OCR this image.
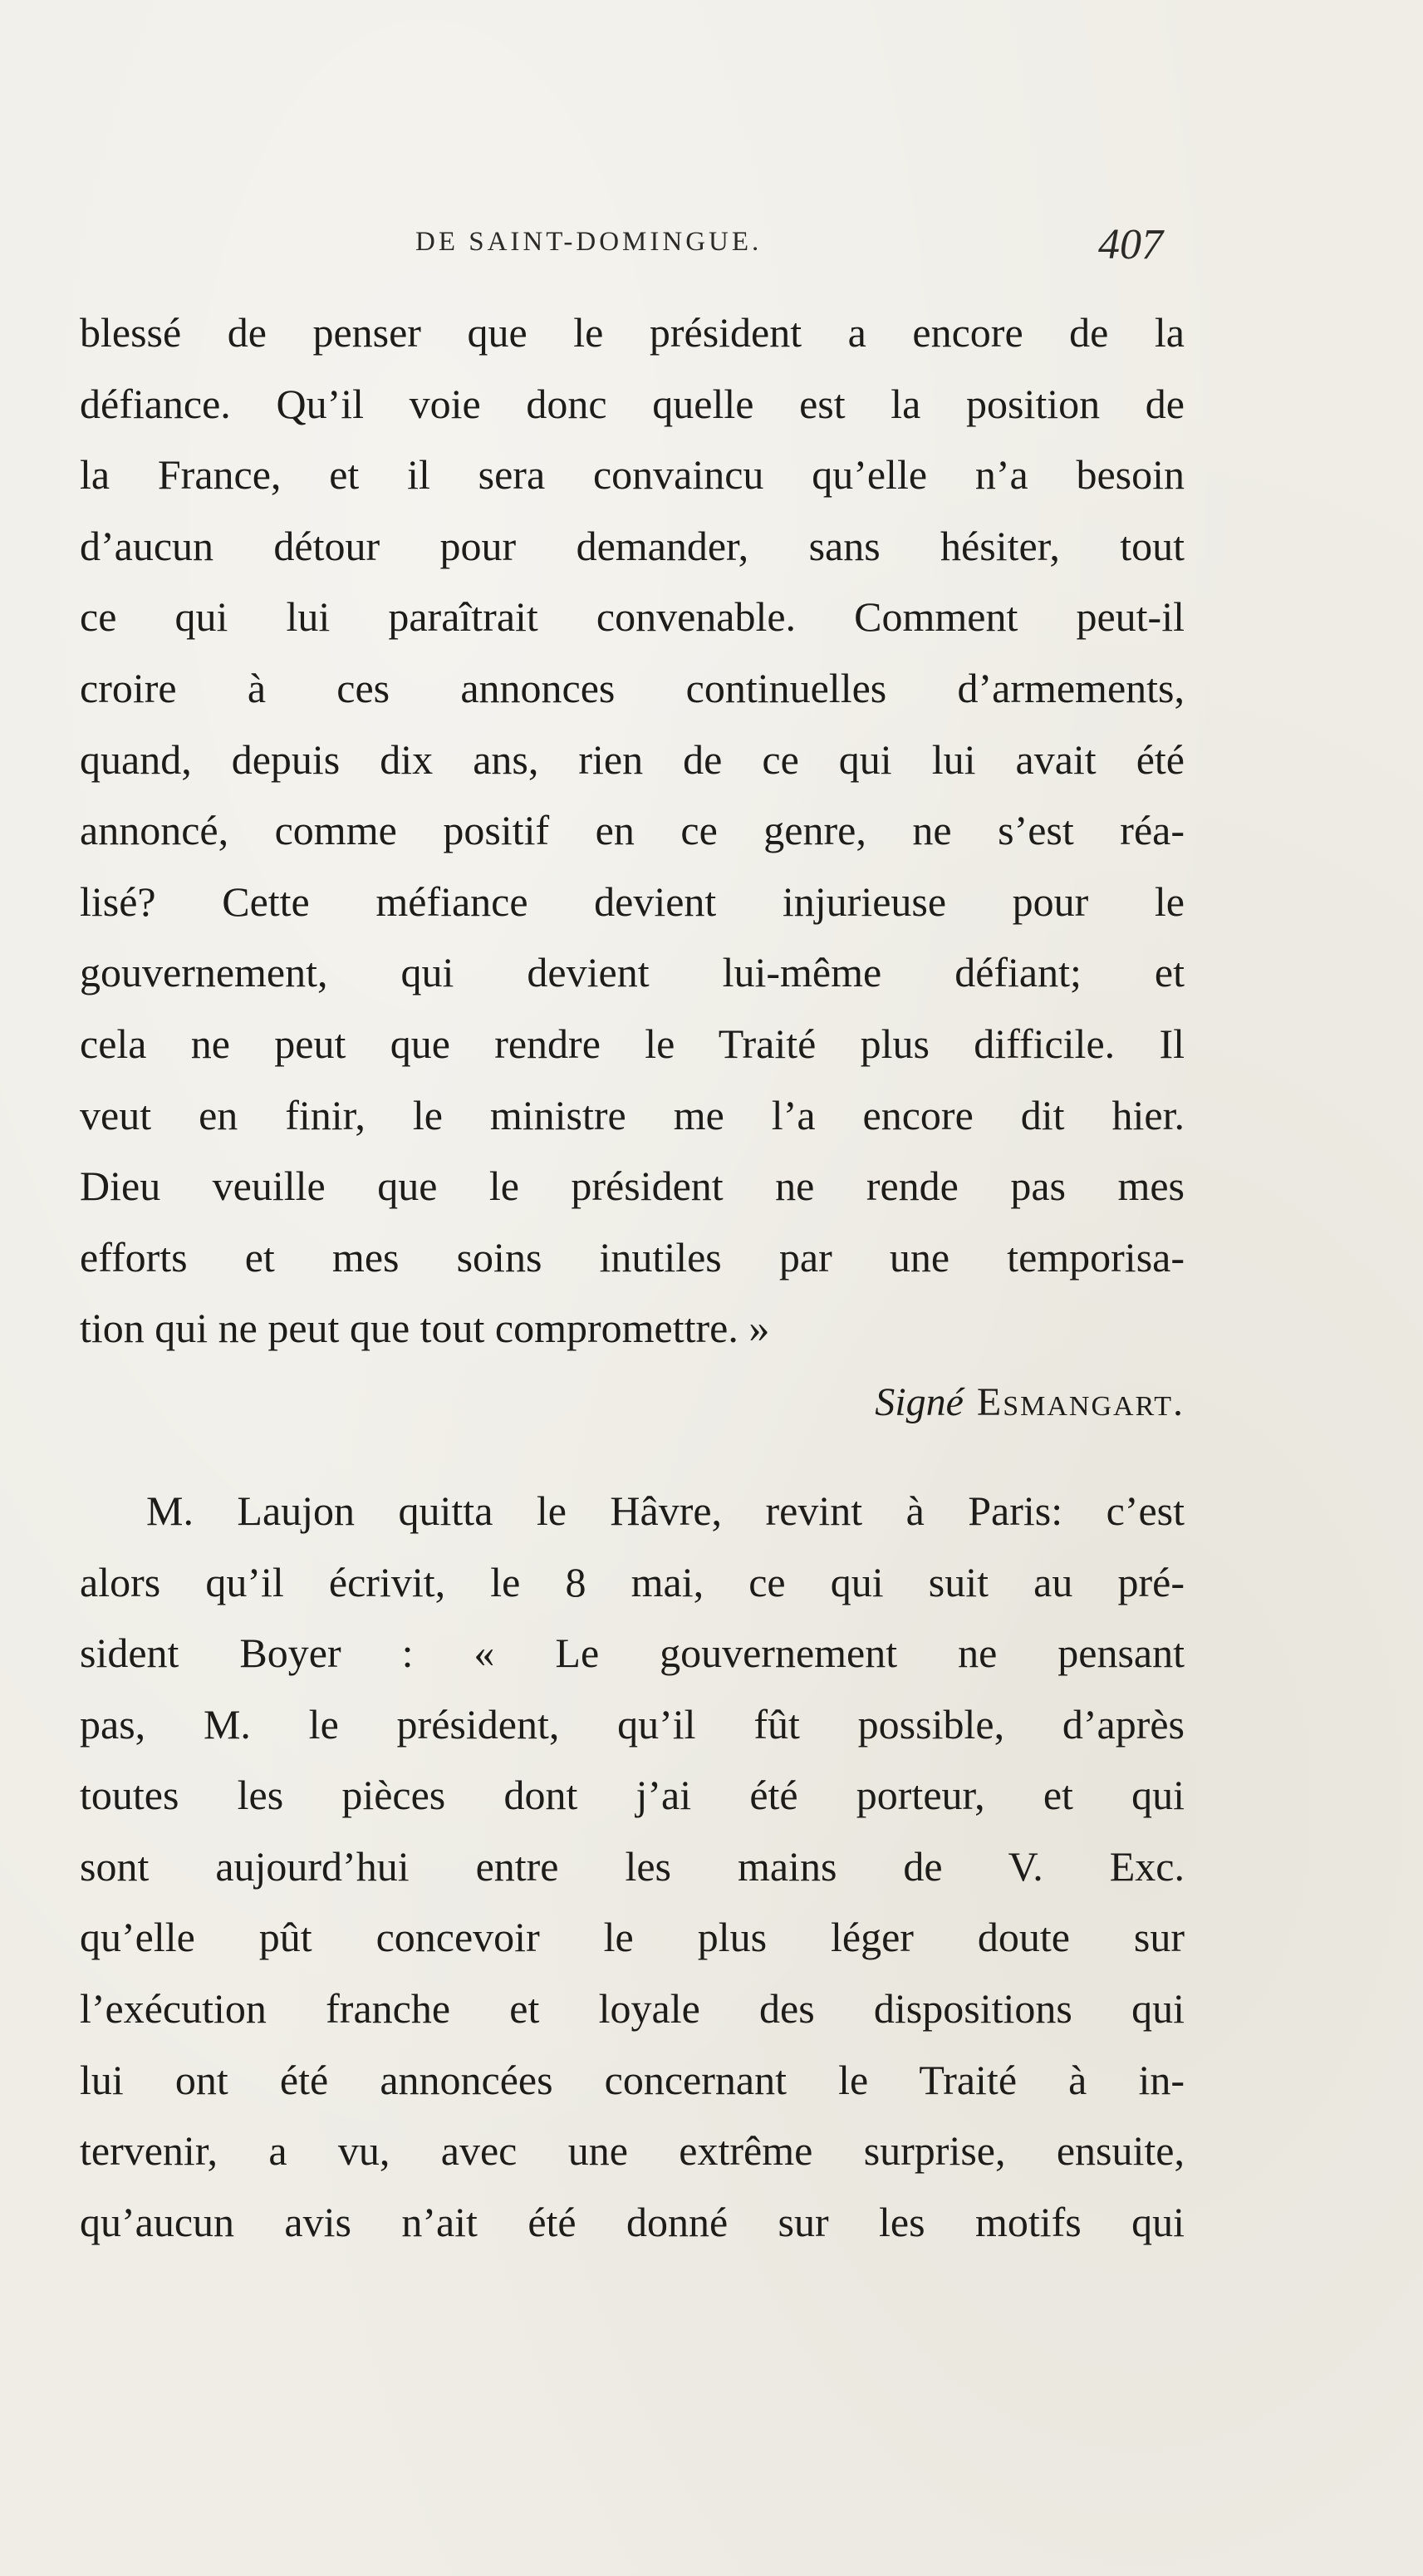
DE SAINT-DOMINGUE.	407
blessé de penser que le président a encore de la
défiance. Qu’il voie donc quelle est la position de
la France, et il sera convaincu qu’elle n’a besoin
d’aucun détour pour demander, sans hésiter, tout
ce qui lui paraîtrait convenable. Comment peut-il
croire à ces annonces continuelles d’armements,
quand, depuis dix ans, rien de ce qui lui avait été
annoncé, comme positif en ce genre, ne s’est réa-
lisé? Cette méfiance devient injurieuse pour le
gouvernement, qui devient lui-même défiant; et
cela ne peut que rendre le Traité plus difficile. Il
veut en finir, le ministre me l’a encore dit hier.
Dieu veuille que le président ne rende pas mes
efforts et mes soins inutiles par une temporisa-
tion qui ne peut que tout compromettre. »
Signé Esmangart.
M. Laujon quitta le Hâvre, revint à Paris: c’est
alors qu’il écrivit, le 8 mai, ce qui suit au pré-
sident Boyer : « Le gouvernement ne pensant
pas, M. le président, qu’il fût possible, d’après
toutes les pièces dont j’ai été porteur, et qui
sont aujourd’hui entre les mains de V. Exc.
qu’elle pût concevoir le plus léger doute sur
l’exécution franche et loyale des dispositions qui
lui ont été annoncées concernant le Traité à in-
tervenir, a vu, avec une extrême surprise, ensuite,
qu’aucun avis n’ait été donné sur les motifs qui
